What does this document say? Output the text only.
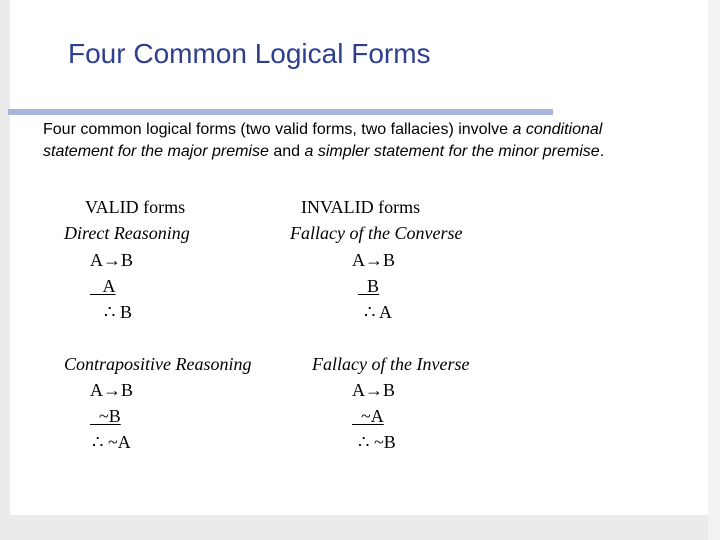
Four Common Logical Forms
Four common logical forms (two valid forms, two fallacies) involve a conditional statement for the major premise and a simpler statement for the minor premise.
VALID forms
Direct Reasoning
A→B
A
∴ B
Contrapositive Reasoning
A→B
~B
∴ ~A
INVALID forms
Fallacy of the Converse
A→B
B
∴ A
Fallacy of the Inverse
A→B
~A
∴ ~B
